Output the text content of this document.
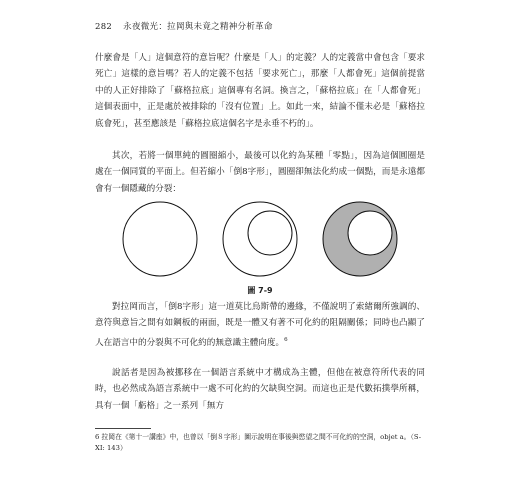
282 永夜微光：拉岡與未竟之精神分析革命

什麼會是「人」這個意符的意旨呢？什麼是「人」的定義？人的定義當中會包含「要求死亡」這樣的意旨嗎？若人的定義不包括「要求死亡」，那麼「人都會死」這個前提當中的人正好排除了「蘇格拉底」這個專有名詞。換言之，「蘇格拉底」在「人都會死」這個表面中，正是處於被排除的「沒有位置」上。如此一來，結論不僅未必是「蘇格拉底會死」，甚至應該是「蘇格拉底這個名字是永垂不朽的」。

其次，若將一個單純的圓圈縮小，最後可以化約為某種「零點」，因為這個圓圈是處在一個同質的平面上。但若縮小「倒8字形」，圓圈卻無法化約成一個點，而是永遠都會有一個隱藏的分裂：

圖 7-9

對拉岡而言，「倒8字形」這一道莫比烏斯帶的邊緣，不僅說明了索緒爾所強調的、意符與意旨之間有如鋼板的兩面，既是一體又有著不可化約的阻隔關係；同時也凸顯了人在語言中的分裂與不可化約的無意識主體向度。$^6$

說話者是因為被挪移在一個語言系統中才構成為主體，但他在被意符所代表的同時，也必然成為語言系統中一處不可化約的欠缺與空洞。而這也正是代數拓撲學所稱，具有一個「虧格」之一系列「無方

6 拉岡在《第十一講座》中，也曾以「倒８字形」圖示說明在事後與慾望之間不可化約的空洞，objet a。（S-XI: 143）
